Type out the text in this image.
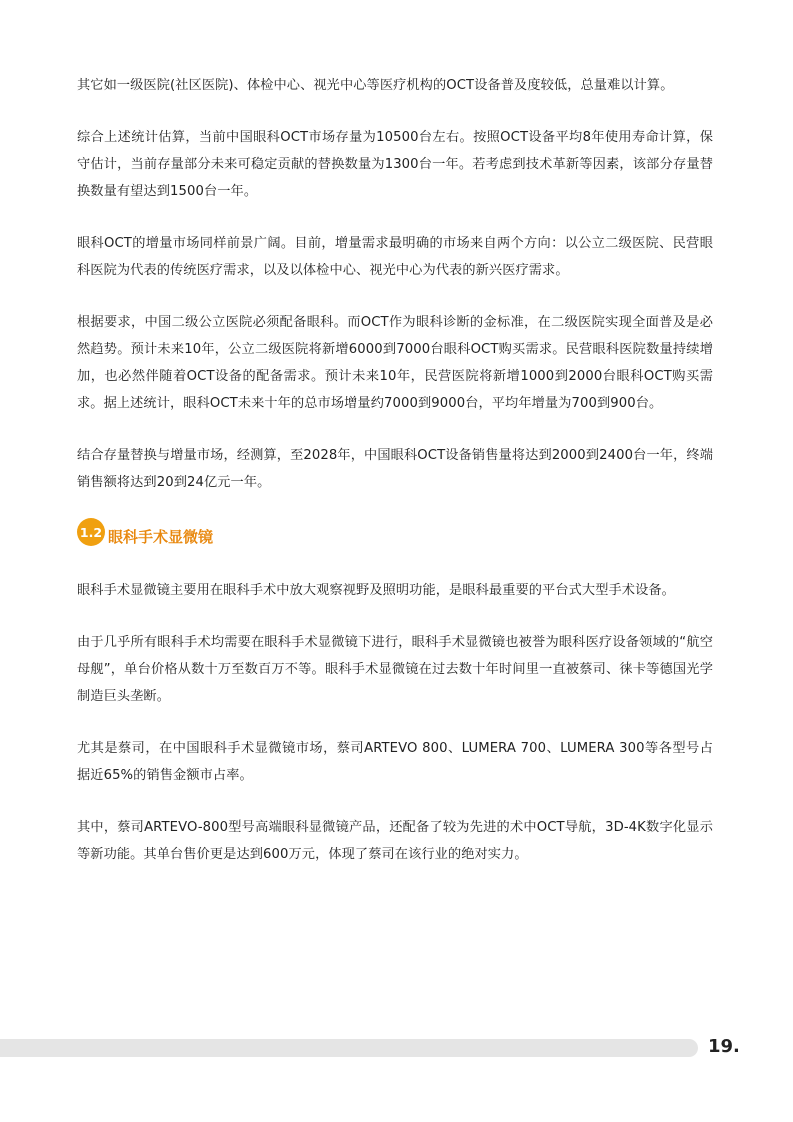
其它如一级医院(社区医院)、体检中心、视光中心等医疗机构的OCT设备普及度较低，总量难以计算。

综合上述统计估算，当前中国眼科OCT市场存量为10500台左右。按照OCT设备平均8年使用寿命计算，保守估计，当前存量部分未来可稳定贡献的替换数量为1300台一年。若考虑到技术革新等因素，该部分存量替换数量有望达到1500台一年。

眼科OCT的增量市场同样前景广阔。目前，增量需求最明确的市场来自两个方向：以公立二级医院、民营眼科医院为代表的传统医疗需求，以及以体检中心、视光中心为代表的新兴医疗需求。

根据要求，中国二级公立医院必须配备眼科。而OCT作为眼科诊断的金标准，在二级医院实现全面普及是必然趋势。预计未来10年，公立二级医院将新增6000到7000台眼科OCT购买需求。民营眼科医院数量持续增加，也必然伴随着OCT设备的配备需求。预计未来10年，民营医院将新增1000到2000台眼科OCT购买需求。据上述统计，眼科OCT未来十年的总市场增量约7000到9000台，平均年增量为700到900台。

结合存量替换与增量市场，经测算，至2028年，中国眼科OCT设备销售量将达到2000到2400台一年，终端销售额将达到20到24亿元一年。

1.2 眼科手术显微镜

眼科手术显微镜主要用在眼科手术中放大观察视野及照明功能，是眼科最重要的平台式大型手术设备。

由于几乎所有眼科手术均需要在眼科手术显微镜下进行，眼科手术显微镜也被誉为眼科医疗设备领域的“航空母舰”，单台价格从数十万至数百万不等。眼科手术显微镜在过去数十年时间里一直被蔡司、徕卡等德国光学制造巨头垄断。

尤其是蔡司，在中国眼科手术显微镜市场，蔡司ARTEVO 800、LUMERA 700、LUMERA 300等各型号占据近65%的销售金额市占率。

其中，蔡司ARTEVO-800型号高端眼科显微镜产品，还配备了较为先进的术中OCT导航，3D-4K数字化显示等新功能。其单台售价更是达到600万元，体现了蔡司在该行业的绝对实力。

19.
